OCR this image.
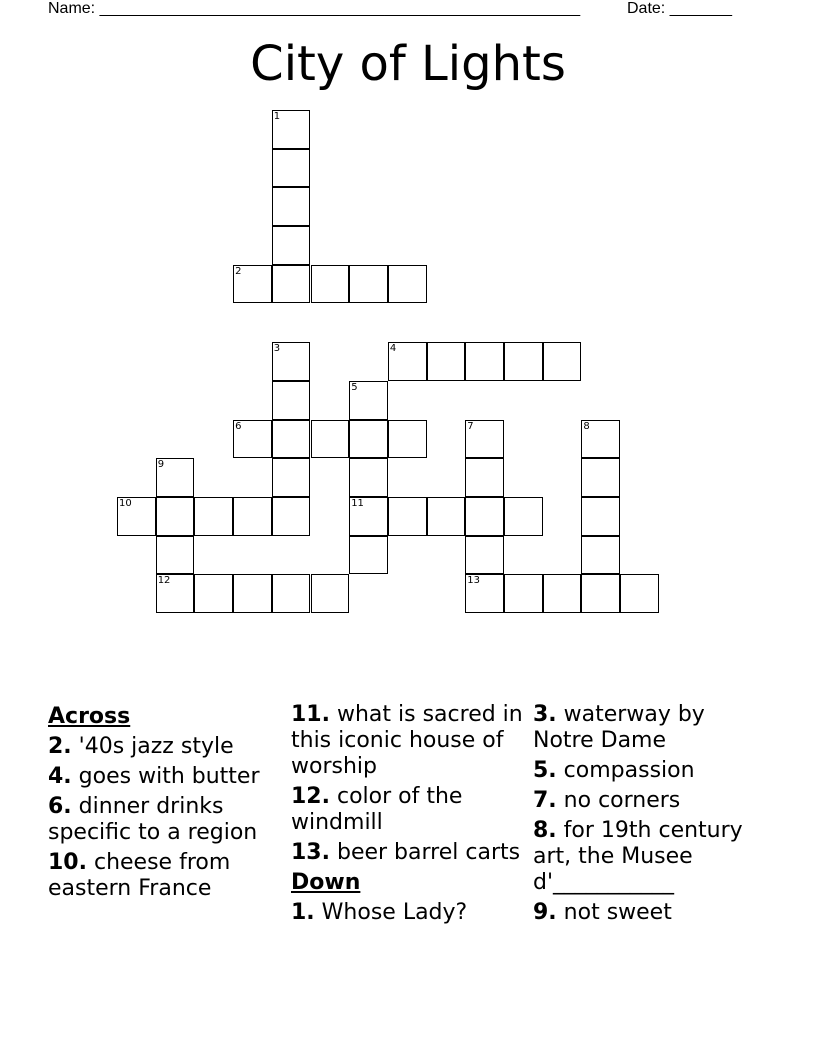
Name: ______________________________________________________	Date: _______
City of Lights
1
2
3	4
5
11
6	7
13
8
9
12
10
Across
2. '40s jazz style
4. goes with butter
6. dinner drinks specific to a region
10. cheese from eastern France
11. what is sacred in this iconic house of worship
12. color of the windmill
13. beer barrel carts
Down
1. Whose Lady?
3. waterway by Notre Dame
5. compassion
7. no corners
8. for 19th century art, the Musee d'___________
9. not sweet
